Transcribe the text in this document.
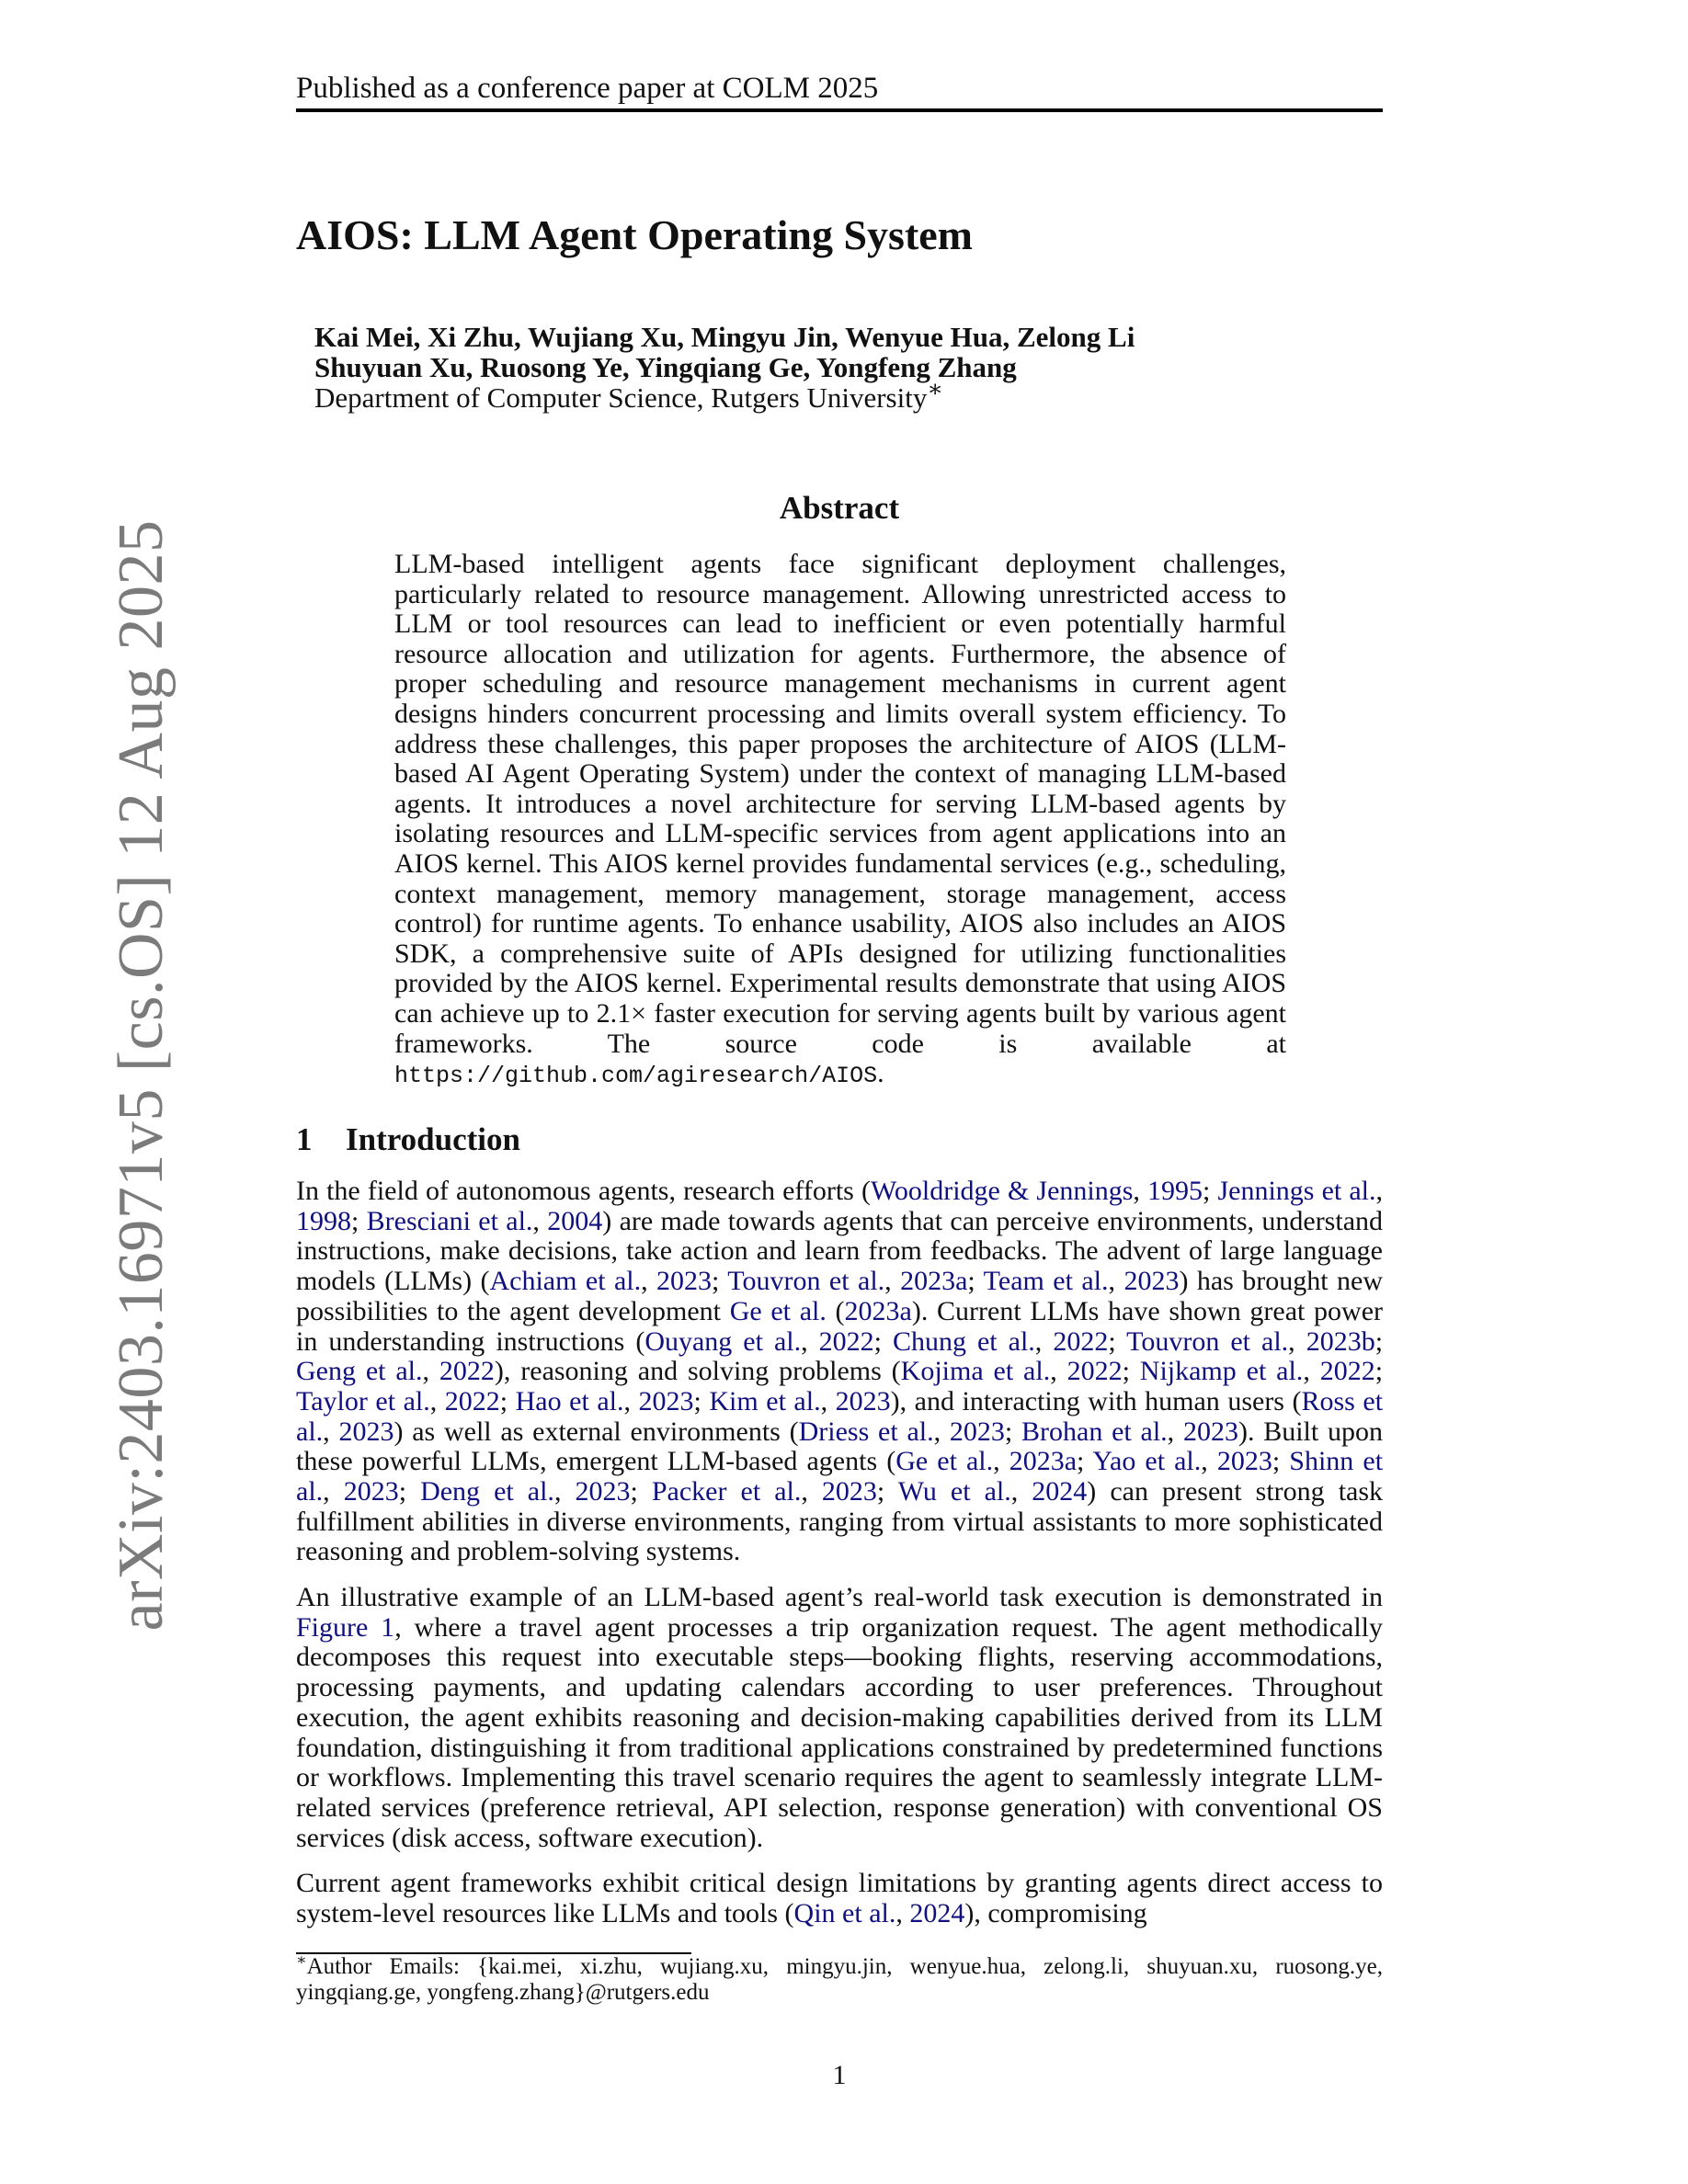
Published as a conference paper at COLM 2025
arXiv:2403.16971v5 [cs.OS] 12 Aug 2025
AIOS: LLM Agent Operating System
Kai Mei, Xi Zhu, Wujiang Xu, Mingyu Jin, Wenyue Hua, Zelong Li
Shuyuan Xu, Ruosong Ye, Yingqiang Ge, Yongfeng Zhang
Department of Computer Science, Rutgers University∗
Abstract
LLM-based intelligent agents face significant deployment challenges, particularly related to resource management. Allowing unrestricted access to LLM or tool resources can lead to inefficient or even potentially harmful resource allocation and utilization for agents. Furthermore, the absence of proper scheduling and resource management mechanisms in current agent designs hinders concurrent processing and limits overall system efficiency. To address these challenges, this paper proposes the architecture of AIOS (LLM-based AI Agent Operating System) under the context of managing LLM-based agents. It introduces a novel architecture for serving LLM-based agents by isolating resources and LLM-specific services from agent applications into an AIOS kernel. This AIOS kernel provides fundamental services (e.g., scheduling, context management, memory management, storage management, access control) for runtime agents. To enhance usability, AIOS also includes an AIOS SDK, a comprehensive suite of APIs designed for utilizing functionalities provided by the AIOS kernel. Experimental results demonstrate that using AIOS can achieve up to 2.1× faster execution for serving agents built by various agent frameworks. The source code is available at https://github.com/agiresearch/AIOS.
1 Introduction
In the field of autonomous agents, research efforts (Wooldridge & Jennings, 1995; Jennings et al., 1998; Bresciani et al., 2004) are made towards agents that can perceive environments, understand instructions, make decisions, take action and learn from feedbacks. The advent of large language models (LLMs) (Achiam et al., 2023; Touvron et al., 2023a; Team et al., 2023) has brought new possibilities to the agent development Ge et al. (2023a). Current LLMs have shown great power in understanding instructions (Ouyang et al., 2022; Chung et al., 2022; Touvron et al., 2023b; Geng et al., 2022), reasoning and solving problems (Kojima et al., 2022; Nijkamp et al., 2022; Taylor et al., 2022; Hao et al., 2023; Kim et al., 2023), and interacting with human users (Ross et al., 2023) as well as external environments (Driess et al., 2023; Brohan et al., 2023). Built upon these powerful LLMs, emergent LLM-based agents (Ge et al., 2023a; Yao et al., 2023; Shinn et al., 2023; Deng et al., 2023; Packer et al., 2023; Wu et al., 2024) can present strong task fulfillment abilities in diverse environments, ranging from virtual assistants to more sophisticated reasoning and problem-solving systems.
An illustrative example of an LLM-based agent’s real-world task execution is demonstrated in Figure 1, where a travel agent processes a trip organization request. The agent methodically decomposes this request into executable steps—booking flights, reserving accommodations, processing payments, and updating calendars according to user preferences. Throughout execution, the agent exhibits reasoning and decision-making capabilities derived from its LLM foundation, distinguishing it from traditional applications constrained by predetermined functions or workflows. Implementing this travel scenario requires the agent to seamlessly integrate LLM-related services (preference retrieval, API selection, response generation) with conventional OS services (disk access, software execution).
Current agent frameworks exhibit critical design limitations by granting agents direct access to system-level resources like LLMs and tools (Qin et al., 2024), compromising
∗Author Emails: {kai.mei, xi.zhu, wujiang.xu, mingyu.jin, wenyue.hua, zelong.li, shuyuan.xu, ruosong.ye, yingqiang.ge, yongfeng.zhang}@rutgers.edu
1
